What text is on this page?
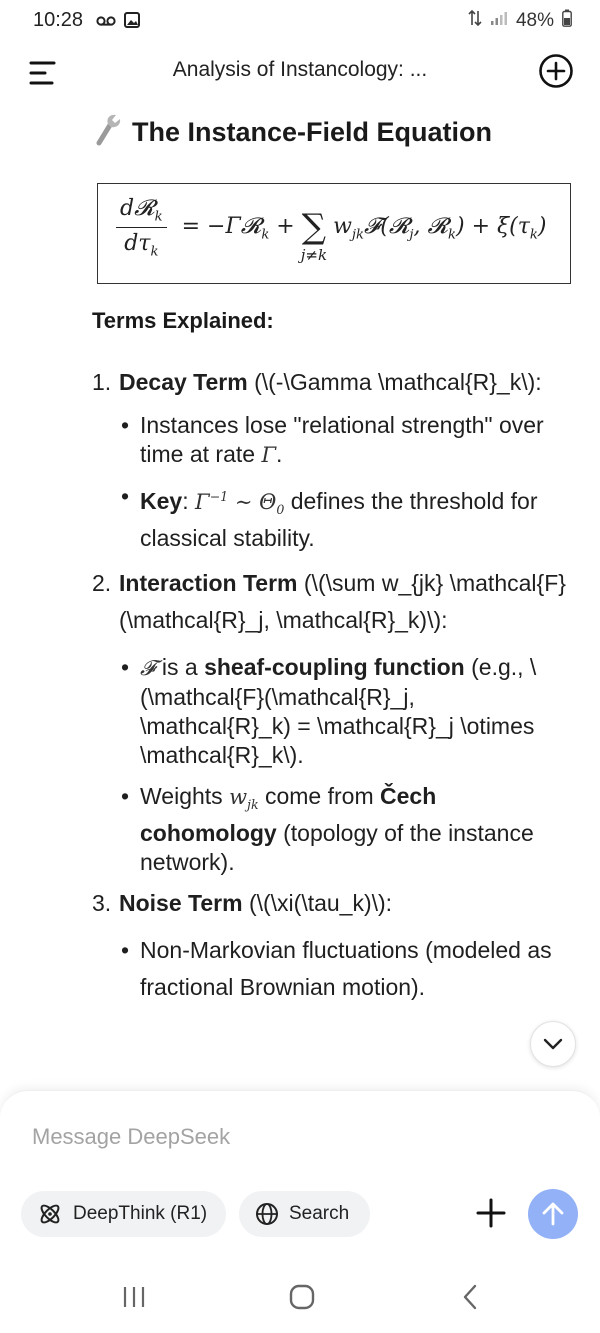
10:28	48%
Analysis of Instancology: ...
The Instance-Field Equation
$\frac{d𝓡_k}{d\tau_k}$ = −Γ𝓡$_k$ + ∑
j≠k
$w_{jk}𝓕(𝓡_j$, 𝓡$_k$) + $\xi(\tau_k)$
Terms Explained:
1. Decay Term (\(-\Gamma \mathcal{R}_k\):
• Instances lose "relational strength" over time at rate Γ.
• Key: $\Gamma^{-1}$ ∼ $\Theta_0$ defines the threshold for classical stability.
2. Interaction Term (\(\sum w_{jk} \mathcal{F}(\mathcal{R}_j, \mathcal{R}_k)\):
• 𝓕 is a sheaf-coupling function (e.g., \(\mathcal{F}(\mathcal{R}_j, \mathcal{R}_k) = \mathcal{R}_j \otimes \mathcal{R}_k\).
• Weights $w_{jk}$ come from Čech cohomology (topology of the instance network).
3. Noise Term (\(\xi(\tau_k)\):
• Non-Markovian fluctuations (modeled as fractional Brownian motion).
Message DeepSeek
DeepThink (R1)	Search
